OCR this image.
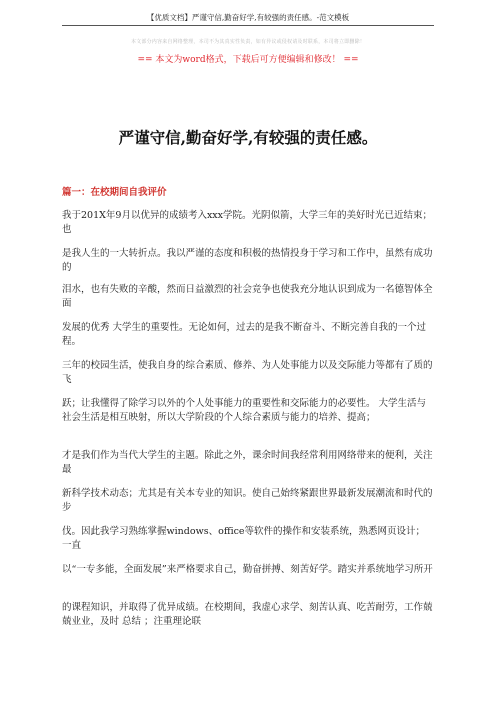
【优质文档】严谨守信,勤奋好学,有较强的责任感。-范文模板
本文部分内容来自网络整理，本司不为其真实性负责，如有异议或侵权请及时联系，本司将立即删除！
== 本文为word格式，下载后可方便编辑和修改！ ==
严谨守信,勤奋好学,有较强的责任感。
篇一：在校期间自我评价
我于201X年9月以优异的成绩考入xxx学院。光阴似箭，大学三年的美好时光已近结束；也
是我人生的一大转折点。我以严谨的态度和积极的热情投身于学习和工作中，虽然有成功的
泪水，也有失败的辛酸，然而日益激烈的社会竞争也使我充分地认识到成为一名德智体全面
发展的优秀 大学生的重要性。无论如何，过去的是我不断奋斗、不断完善自我的一个过程。
三年的校园生活，使我自身的综合素质、修养、为人处事能力以及交际能力等都有了质的飞
跃；让我懂得了除学习以外的个人处事能力的重要性和交际能力的必要性。 大学生活与社会生活是相互映射，所以大学阶段的个人综合素质与能力的培养、提高；
才是我们作为当代大学生的主题。除此之外，课余时间我经常利用网络带来的便利，关注最
新科学技术动态；尤其是有关本专业的知识。使自己始终紧跟世界最新发展潮流和时代的步
伐。因此我学习熟练掌握windows、office等软件的操作和安装系统，熟悉网页设计；一直
以“一专多能，全面发展”来严格要求自己，勤奋拼搏、刻苦好学。踏实并系统地学习所开
的课程知识，并取得了优异成绩。在校期间，我虚心求学、刻苦认真、吃苦耐劳，工作兢兢业业，及时 总结 ；注重理论联
